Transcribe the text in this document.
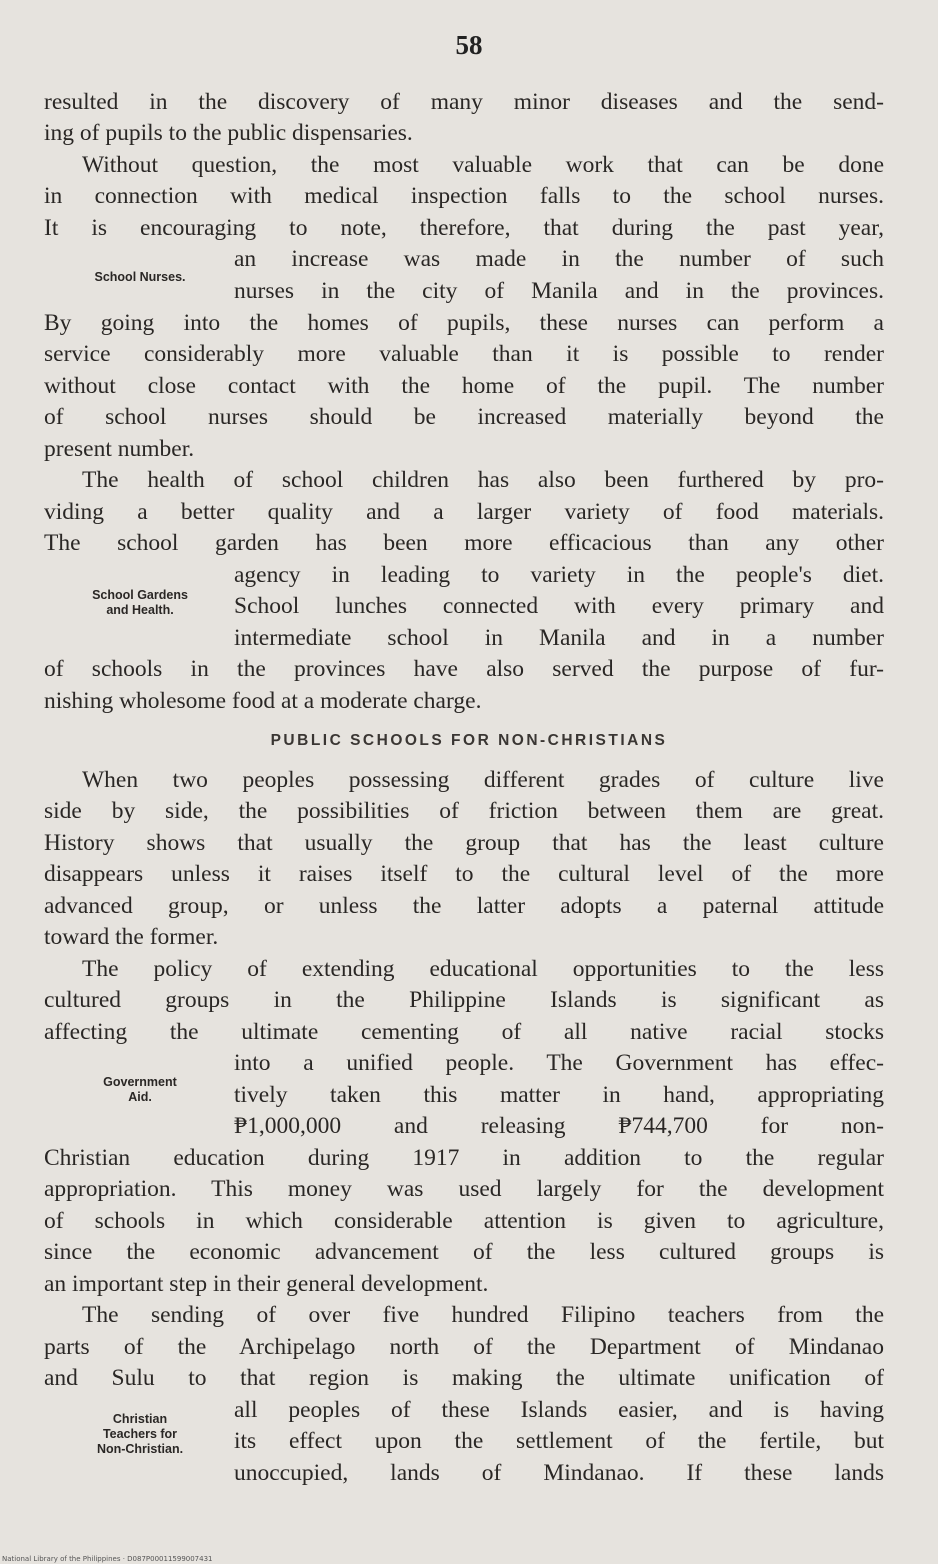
58
resulted in the discovery of many minor diseases and the send-
ing of pupils to the public dispensaries.
Without question, the most valuable work that can be done
in connection with medical inspection falls to the school nurses.
It is encouraging to note, therefore, that during the past year,
an increase was made in the number of such
School Nurses.
nurses in the city of Manila and in the provinces.
By going into the homes of pupils, these nurses can perform a
service considerably more valuable than it is possible to render
without close contact with the home of the pupil. The number
of school nurses should be increased materially beyond the
present number.
The health of school children has also been furthered by pro-
viding a better quality and a larger variety of food materials.
The school garden has been more efficacious than any other
agency in leading to variety in the people's diet.
School Gardens
and Health.	School lunches connected with every primary and
intermediate school in Manila and in a number
of schools in the provinces have also served the purpose of fur-
nishing wholesome food at a moderate charge.
PUBLIC SCHOOLS FOR NON-CHRISTIANS
When two peoples possessing different grades of culture live
side by side, the possibilities of friction between them are great.
History shows that usually the group that has the least culture
disappears unless it raises itself to the cultural level of the more
advanced group, or unless the latter adopts a paternal attitude
toward the former.
The policy of extending educational opportunities to the less
cultured groups in the Philippine Islands is significant as
affecting the ultimate cementing of all native racial stocks
into a unified people. The Government has effec-
Government
Aid.	tively taken this matter in hand, appropriating
₱1,000,000 and releasing ₱744,700 for non-
Christian education during 1917 in addition to the regular
appropriation. This money was used largely for the development
of schools in which considerable attention is given to agriculture,
since the economic advancement of the less cultured groups is
an important step in their general development.
The sending of over five hundred Filipino teachers from the
parts of the Archipelago north of the Department of Mindanao
and Sulu to that region is making the ultimate unification of
all peoples of these Islands easier, and is having
Christian
Teachers for
Non-Christian.	its effect upon the settlement of the fertile, but
unoccupied, lands of Mindanao. If these lands
National Library of the Philippines · D087P00011599007431
